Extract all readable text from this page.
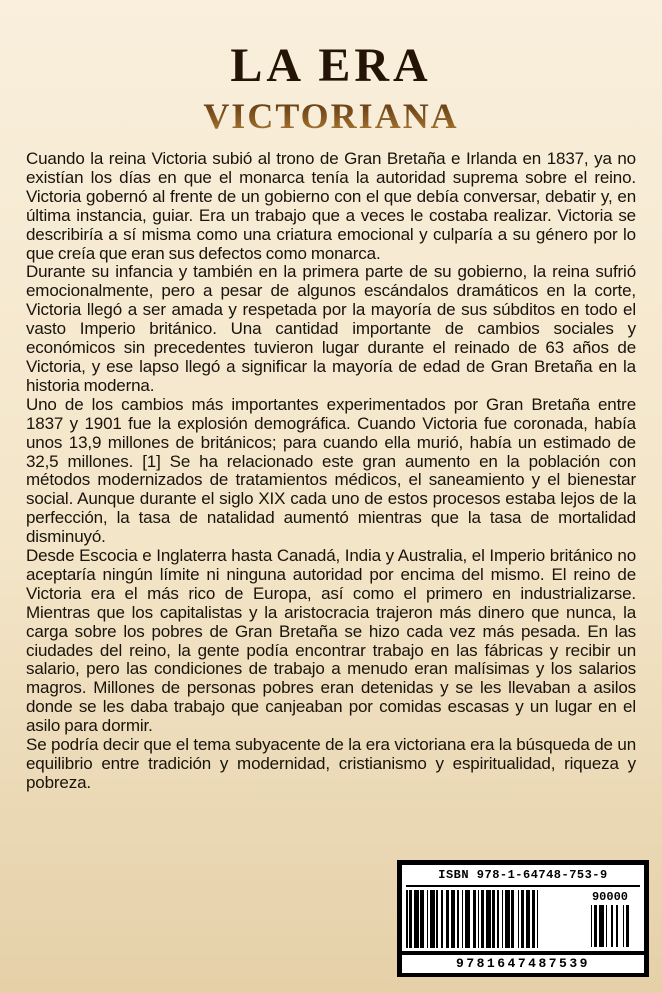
LA ERA
VICTORIANA

Cuando la reina Victoria subió al trono de Gran Bretaña e Irlanda en 1837, ya no existían los días en que el monarca tenía la autoridad suprema sobre el reino. Victoria gobernó al frente de un gobierno con el que debía conversar, debatir y, en última instancia, guiar. Era un trabajo que a veces le costaba realizar. Victoria se describiría a sí misma como una criatura emocional y culparía a su género por lo que creía que eran sus defectos como monarca.

Durante su infancia y también en la primera parte de su gobierno, la reina sufrió emocionalmente, pero a pesar de algunos escándalos dramáticos en la corte, Victoria llegó a ser amada y respetada por la mayoría de sus súbditos en todo el vasto Imperio británico. Una cantidad importante de cambios sociales y económicos sin precedentes tuvieron lugar durante el reinado de 63 años de Victoria, y ese lapso llegó a significar la mayoría de edad de Gran Bretaña en la historia moderna.

Uno de los cambios más importantes experimentados por Gran Bretaña entre 1837 y 1901 fue la explosión demográfica. Cuando Victoria fue coronada, había unos 13,9 millones de británicos; para cuando ella murió, había un estimado de 32,5 millones. [1] Se ha relacionado este gran aumento en la población con métodos modernizados de tratamientos médicos, el saneamiento y el bienestar social. Aunque durante el siglo XIX cada uno de estos procesos estaba lejos de la perfección, la tasa de natalidad aumentó mientras que la tasa de mortalidad disminuyó.

Desde Escocia e Inglaterra hasta Canadá, India y Australia, el Imperio británico no aceptaría ningún límite ni ninguna autoridad por encima del mismo. El reino de Victoria era el más rico de Europa, así como el primero en industrializarse. Mientras que los capitalistas y la aristocracia trajeron más dinero que nunca, la carga sobre los pobres de Gran Bretaña se hizo cada vez más pesada. En las ciudades del reino, la gente podía encontrar trabajo en las fábricas y recibir un salario, pero las condiciones de trabajo a menudo eran malísimas y los salarios magros. Millones de personas pobres eran detenidas y se les llevaban a asilos donde se les daba trabajo que canjeaban por comidas escasas y un lugar en el asilo para dormir.

Se podría decir que el tema subyacente de la era victoriana era la búsqueda de un equilibrio entre tradición y modernidad, cristianismo y espiritualidad, riqueza y pobreza.

ISBN 978-1-64748-753-9
90000
9781647487539
